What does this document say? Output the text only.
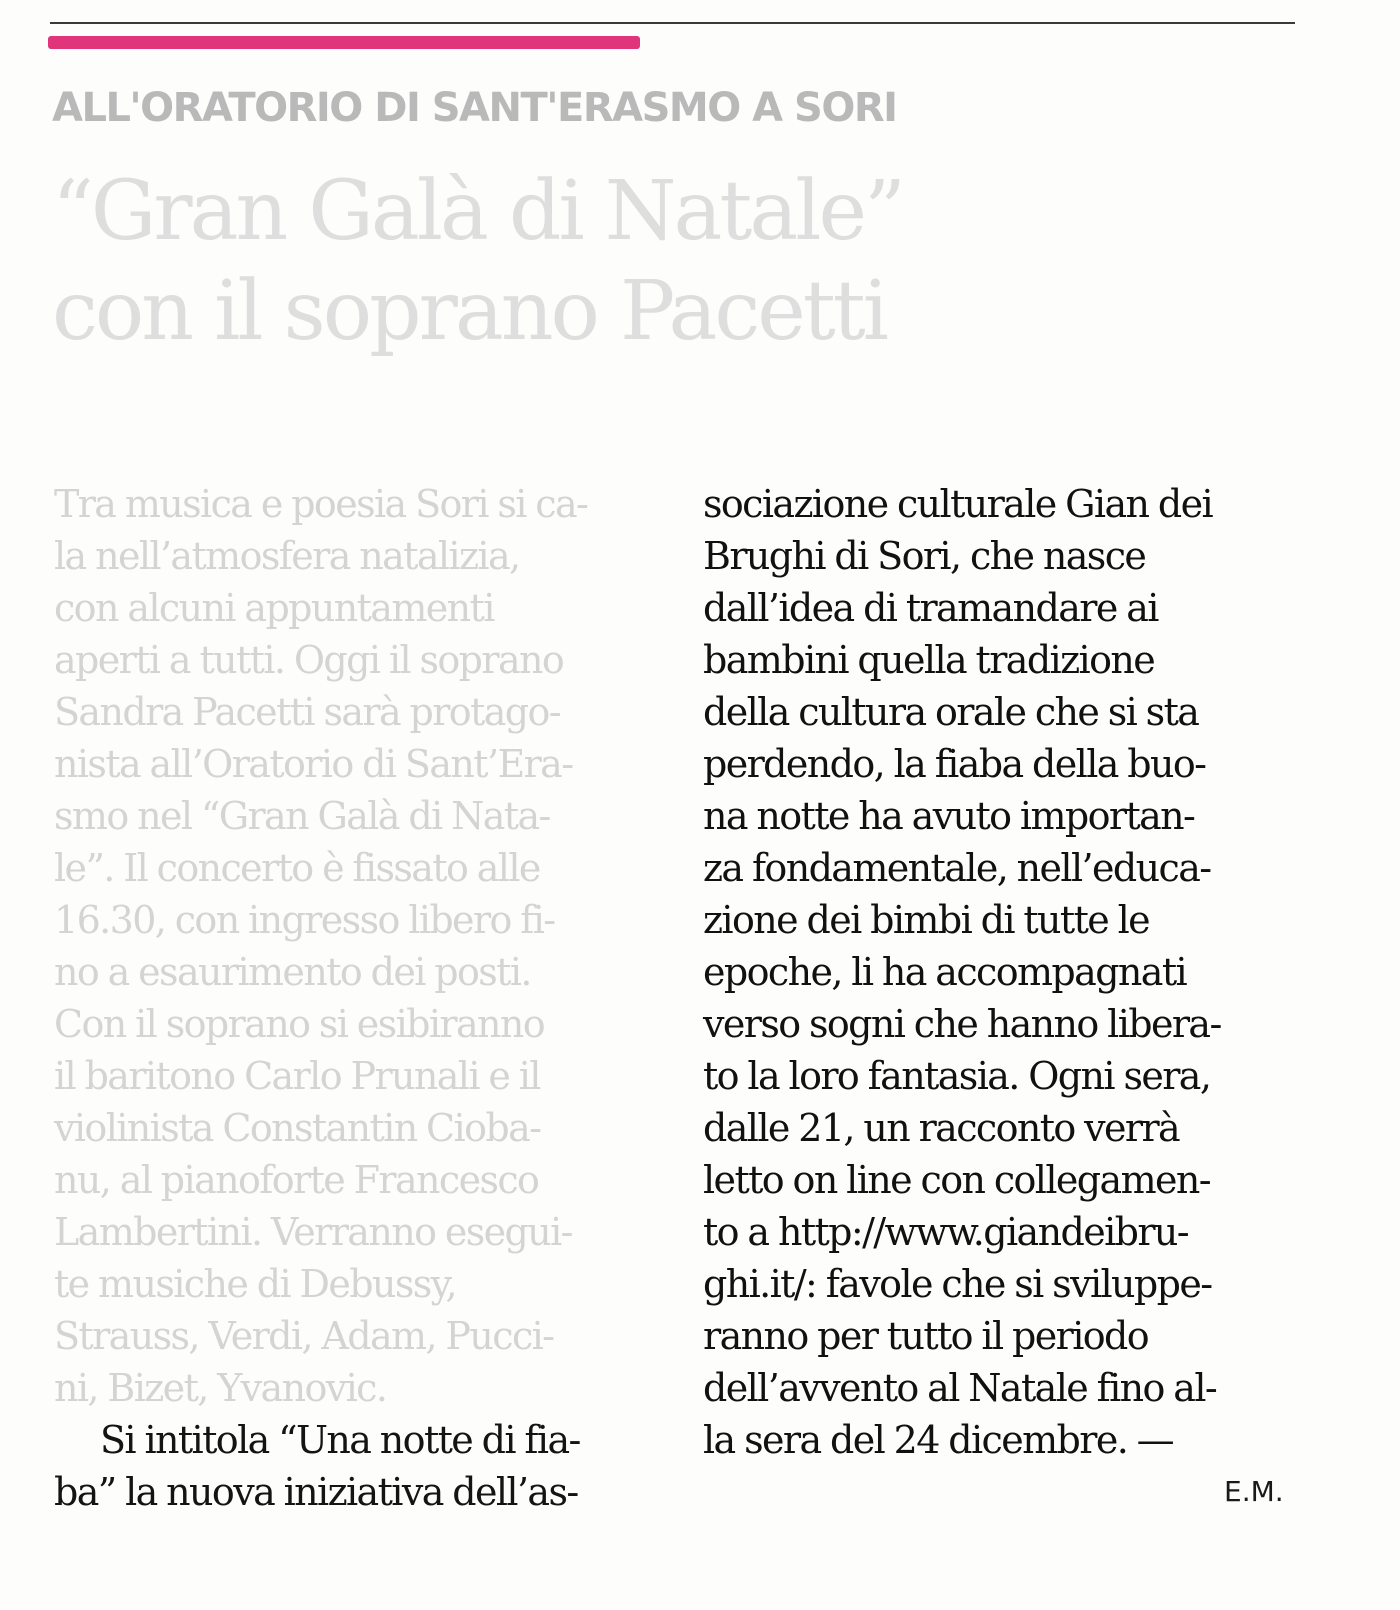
ALL'ORATORIO DI SANT'ERASMO A SORI
“Gran Galà di Natale”
con il soprano Pacetti
Tra musica e poesia Sori si ca-
la nell’atmosfera natalizia,
con alcuni appuntamenti
aperti a tutti. Oggi il soprano
Sandra Pacetti sarà protago-
nista all’Oratorio di Sant’Era-
smo nel “Gran Galà di Nata-
le”. Il concerto è fissato alle
16.30, con ingresso libero fi-
no a esaurimento dei posti.
Con il soprano si esibiranno
il baritono Carlo Prunali e il
violinista Constantin Cioba-
nu, al pianoforte Francesco
Lambertini. Verranno esegui-
te musiche di Debussy,
Strauss, Verdi, Adam, Pucci-
ni, Bizet, Yvanovic.
Si intitola “Una notte di fia-
ba” la nuova iniziativa dell’as-
sociazione culturale Gian dei
Brughi di Sori, che nasce
dall’idea di tramandare ai
bambini quella tradizione
della cultura orale che si sta
perdendo, la fiaba della buo-
na notte ha avuto importan-
za fondamentale, nell’educa-
zione dei bimbi di tutte le
epoche, li ha accompagnati
verso sogni che hanno libera-
to la loro fantasia. Ogni sera,
dalle 21, un racconto verrà
letto on line con collegamen-
to a http://www.giandeibru-
ghi.it/: favole che si sviluppe-
ranno per tutto il periodo
dell’avvento al Natale fino al-
la sera del 24 dicembre. —
E.M.
